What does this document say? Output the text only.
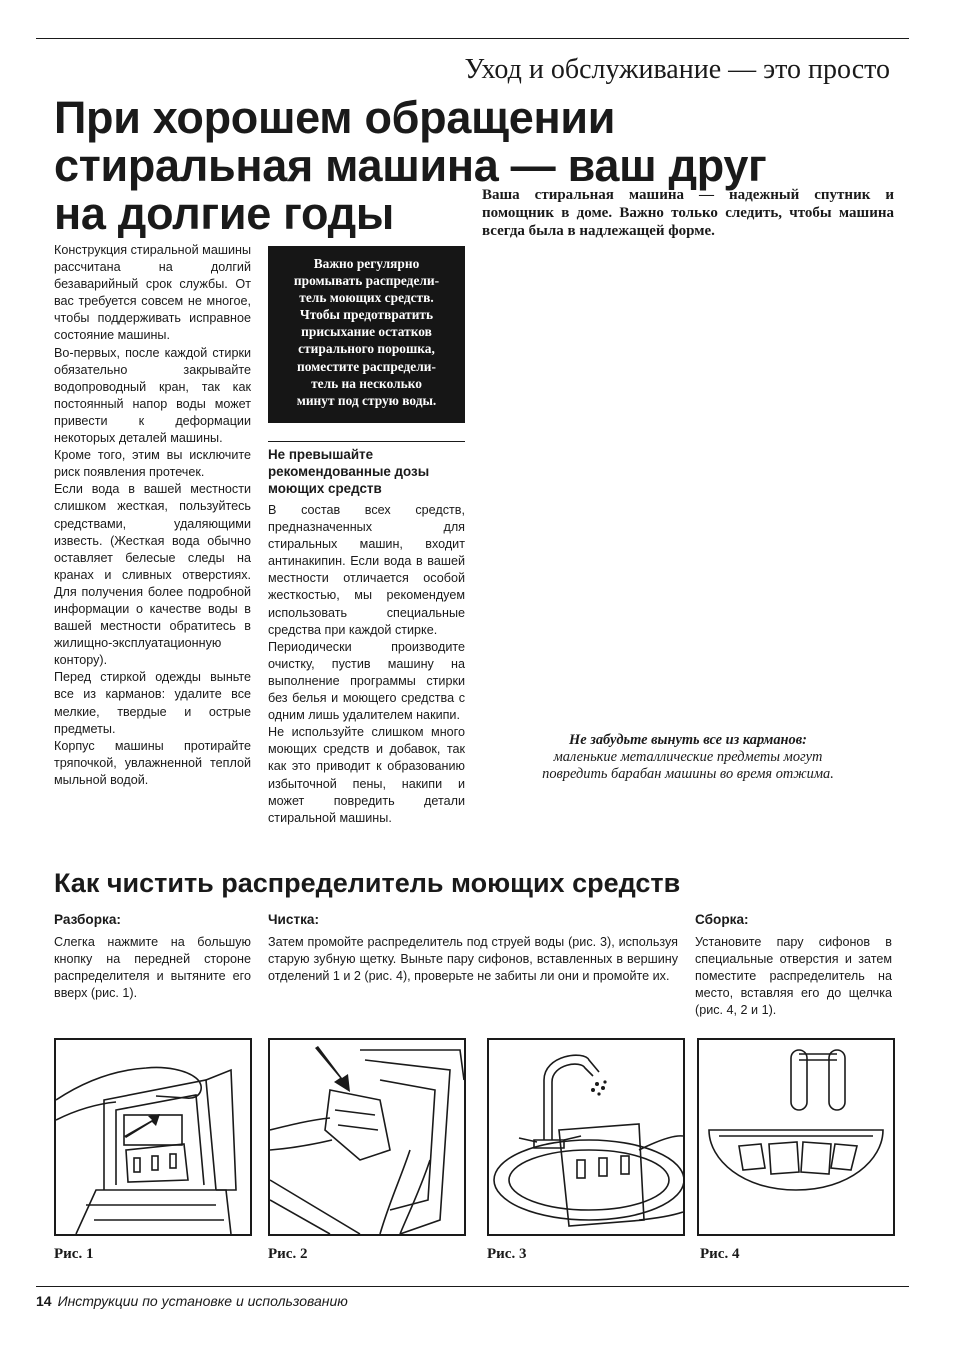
Уход и обслуживание — это просто
При хорошем обращении
стиральная машина — ваш друг
на долгие годы	Ваша стиральная машина — надежный спутник и помощник в доме. Важно только следить, чтобы машина всегда была в надлежащей форме.

Конструкция стиральной машины рассчитана на долгий безаварийный срок службы. От вас требуется совсем не многое, чтобы поддерживать исправное состояние машины.

Во-первых, после каждой стирки обязательно закрывайте водопроводный кран, так как постоянный напор воды может привести к деформации некоторых деталей машины.

Кроме того, этим вы исключите риск появления протечек.

Если вода в вашей местности слишком жесткая, пользуйтесь средствами, удаляющими известь. (Жесткая вода обычно оставляет белесые следы на кранах и сливных отверстиях. Для получения более подробной информации о качестве воды в вашей местности обратитесь в жилищно-эксплуатационную контору).

Перед стиркой одежды выньте все из карманов: удалите все мелкие, твердые и острые предметы.

Корпус машины протирайте тряпочкой, увлажненной теплой мыльной водой.

Важно регулярно
промывать распредели-
тель моющих средств.
Чтобы предотвратить
присыхание остатков
стирального порошка,
поместите распредели-
тель на несколько
минут под струю воды.
Не превышайте рекомендованные дозы моющих средств

В состав всех средств, предназначенных для стиральных машин, входит антинакипин. Если вода в вашей местности отличается особой жесткостью, мы рекомендуем использовать специальные средства при каждой стирке.

Периодически производите очистку, пустив машину на выполнение программы стирки без белья и моющего средства с одним лишь удалителем накипи.

Не используйте слишком много моющих средств и добавок, так как это приводит к образованию избыточной пены, накипи и может повредить детали стиральной машины.

Не забудьте вынуть все из карманов:
маленькие металлические предметы могут повредить барабан машины во время отжима.
Как чистить распределитель моющих средств
Разборка:
Слегка нажмите на большую кнопку на передней стороне распределителя и вытяните его вверх (рис. 1).
Чистка:
Затем промойте распределитель под струей воды (рис. 3), используя старую зубную щетку. Выньте пару сифонов, вставленных в вершину отделений 1 и 2 (рис. 4), проверьте не забиты ли они и промойте их.
Сборка:
Установите пару сифонов в специальные отверстия и затем поместите распределитель на место, вставляя его до щелчка (рис. 4, 2 и 1).
Рис. 1	Рис. 2	Рис. 3	Рис. 4
14 Инструкции по установке и использованию
